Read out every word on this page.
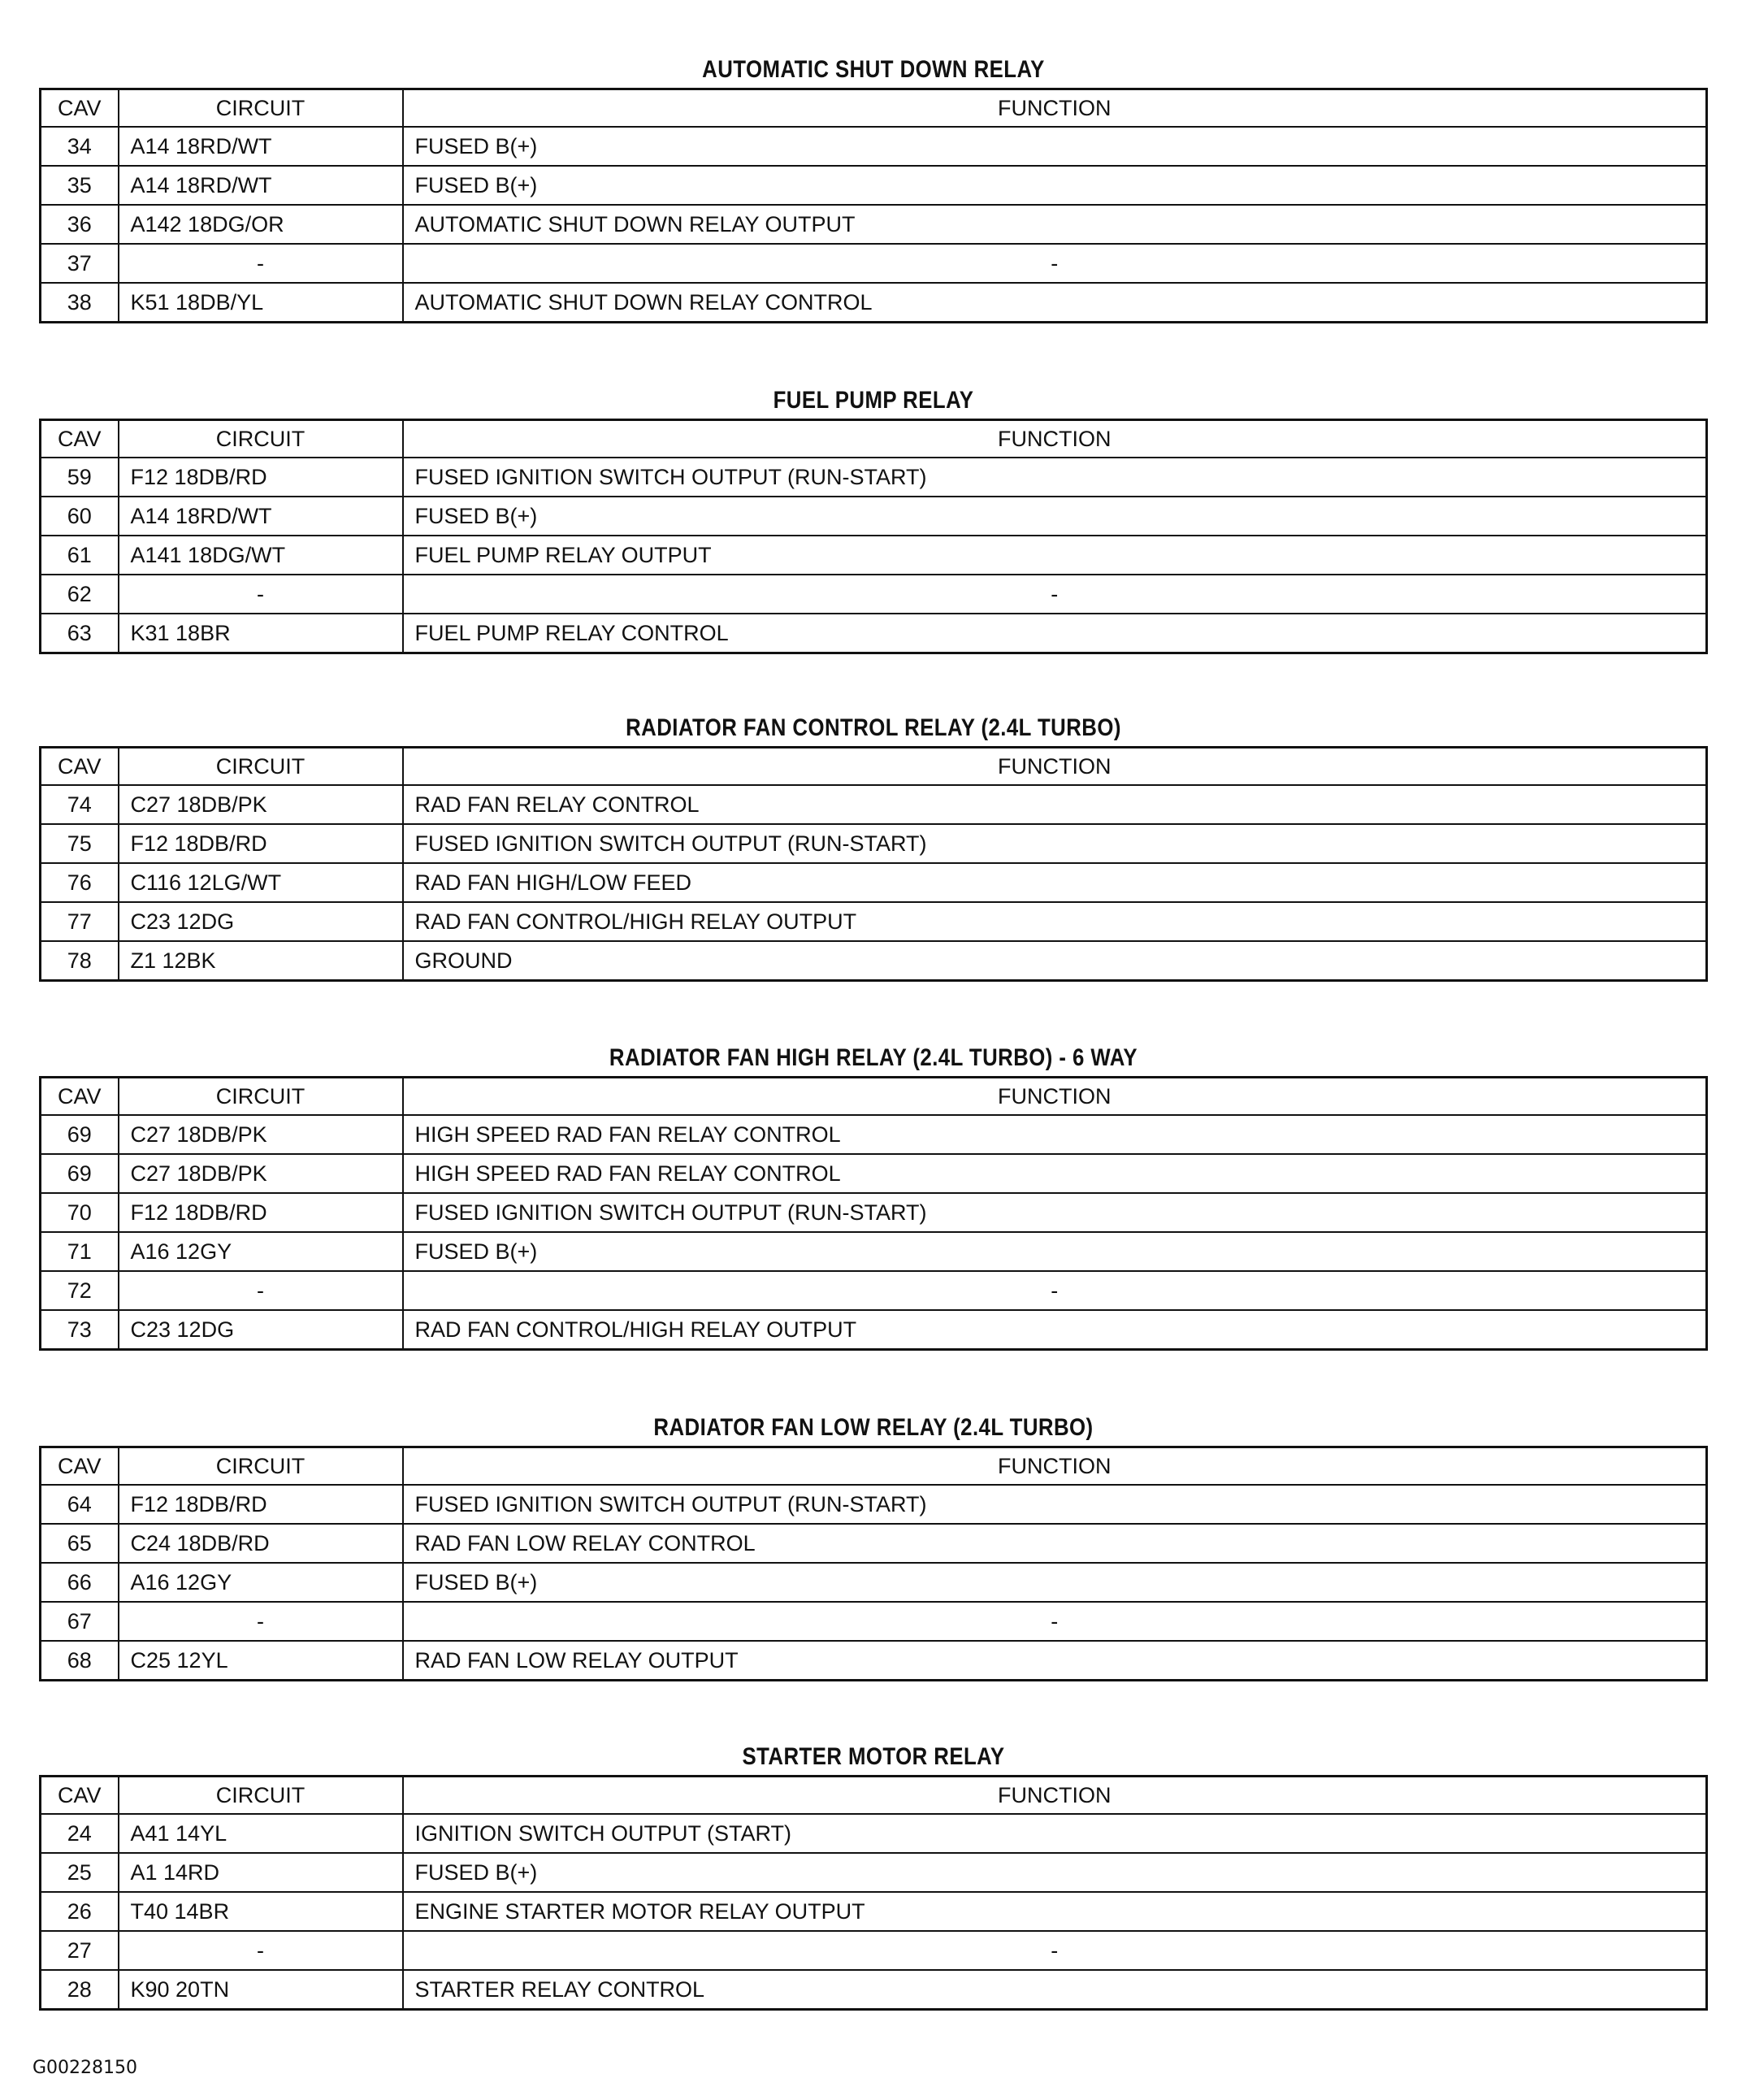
AUTOMATIC SHUT DOWN RELAY
CAV	CIRCUIT	FUNCTION
34	A14 18RD/WT	FUSED B(+)
35	A14 18RD/WT	FUSED B(+)
36	A142 18DG/OR	AUTOMATIC SHUT DOWN RELAY OUTPUT
37	-	-
38	K51 18DB/YL	AUTOMATIC SHUT DOWN RELAY CONTROL
FUEL PUMP RELAY
CAV	CIRCUIT	FUNCTION
59	F12 18DB/RD	FUSED IGNITION SWITCH OUTPUT (RUN-START)
60	A14 18RD/WT	FUSED B(+)
61	A141 18DG/WT	FUEL PUMP RELAY OUTPUT
62	-	-
63	K31 18BR	FUEL PUMP RELAY CONTROL
RADIATOR FAN CONTROL RELAY (2.4L TURBO)
CAV	CIRCUIT	FUNCTION
74	C27 18DB/PK	RAD FAN RELAY CONTROL
75	F12 18DB/RD	FUSED IGNITION SWITCH OUTPUT (RUN-START)
76	C116 12LG/WT	RAD FAN HIGH/LOW FEED
77	C23 12DG	RAD FAN CONTROL/HIGH RELAY OUTPUT
78	Z1 12BK	GROUND
RADIATOR FAN HIGH RELAY (2.4L TURBO) - 6 WAY
CAV	CIRCUIT	FUNCTION
69	C27 18DB/PK	HIGH SPEED RAD FAN RELAY CONTROL
69	C27 18DB/PK	HIGH SPEED RAD FAN RELAY CONTROL
70	F12 18DB/RD	FUSED IGNITION SWITCH OUTPUT (RUN-START)
71	A16 12GY	FUSED B(+)
72	-	-
73	C23 12DG	RAD FAN CONTROL/HIGH RELAY OUTPUT
RADIATOR FAN LOW RELAY (2.4L TURBO)
CAV	CIRCUIT	FUNCTION
64	F12 18DB/RD	FUSED IGNITION SWITCH OUTPUT (RUN-START)
65	C24 18DB/RD	RAD FAN LOW RELAY CONTROL
66	A16 12GY	FUSED B(+)
67	-	-
68	C25 12YL	RAD FAN LOW RELAY OUTPUT
STARTER MOTOR RELAY
CAV	CIRCUIT	FUNCTION
24	A41 14YL	IGNITION SWITCH OUTPUT (START)
25	A1 14RD	FUSED B(+)
26	T40 14BR	ENGINE STARTER MOTOR RELAY OUTPUT
27	-	-
28	K90 20TN	STARTER RELAY CONTROL
G00228150
